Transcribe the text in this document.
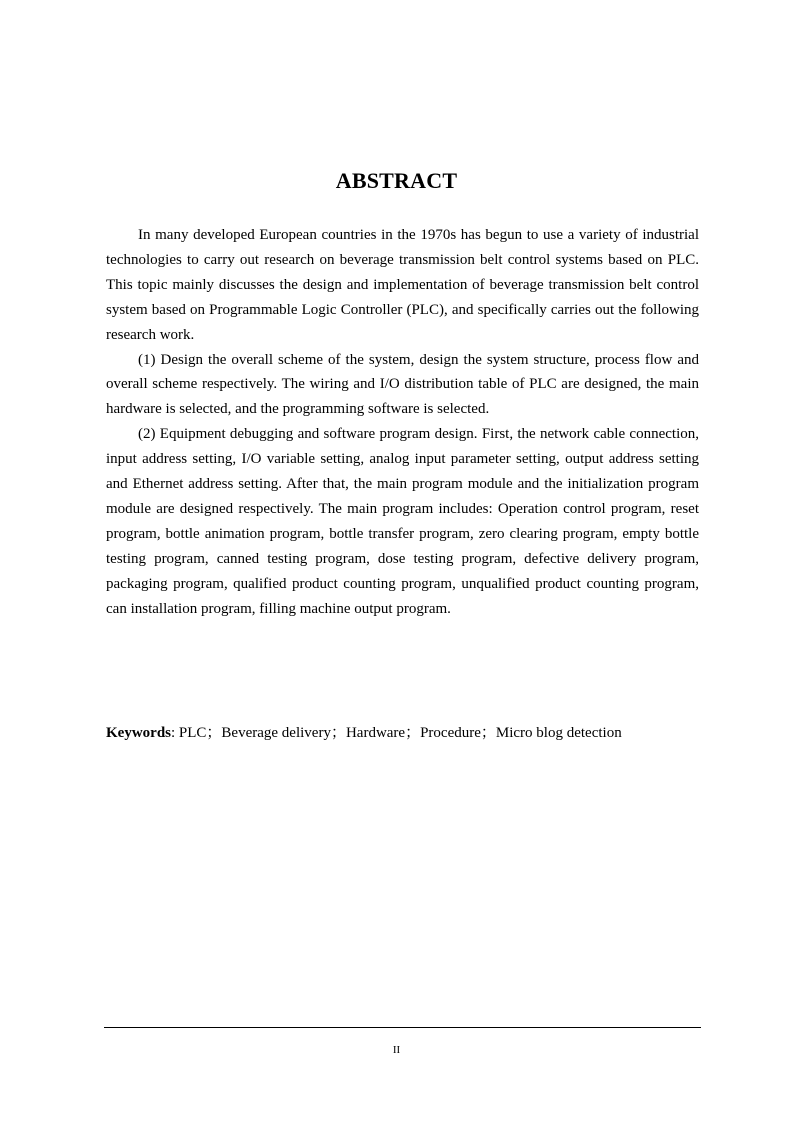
ABSTRACT

In many developed European countries in the 1970s has begun to use a variety of industrial technologies to carry out research on beverage transmission belt control systems based on PLC. This topic mainly discusses the design and implementation of beverage transmission belt control system based on Programmable Logic Controller (PLC), and specifically carries out the following research work.

(1) Design the overall scheme of the system, design the system structure, process flow and overall scheme respectively. The wiring and I/O distribution table of PLC are designed, the main hardware is selected, and the programming software is selected.

(2) Equipment debugging and software program design. First, the network cable connection, input address setting, I/O variable setting, analog input parameter setting, output address setting and Ethernet address setting. After that, the main program module and the initialization program module are designed respectively. The main program includes: Operation control program, reset program, bottle animation program, bottle transfer program, zero clearing program, empty bottle testing program, canned testing program, dose testing program, defective delivery program, packaging program, qualified product counting program, unqualified product counting program, can installation program, filling machine output program.

Keywords: PLC；Beverage delivery；Hardware；Procedure；Micro blog detection
II
